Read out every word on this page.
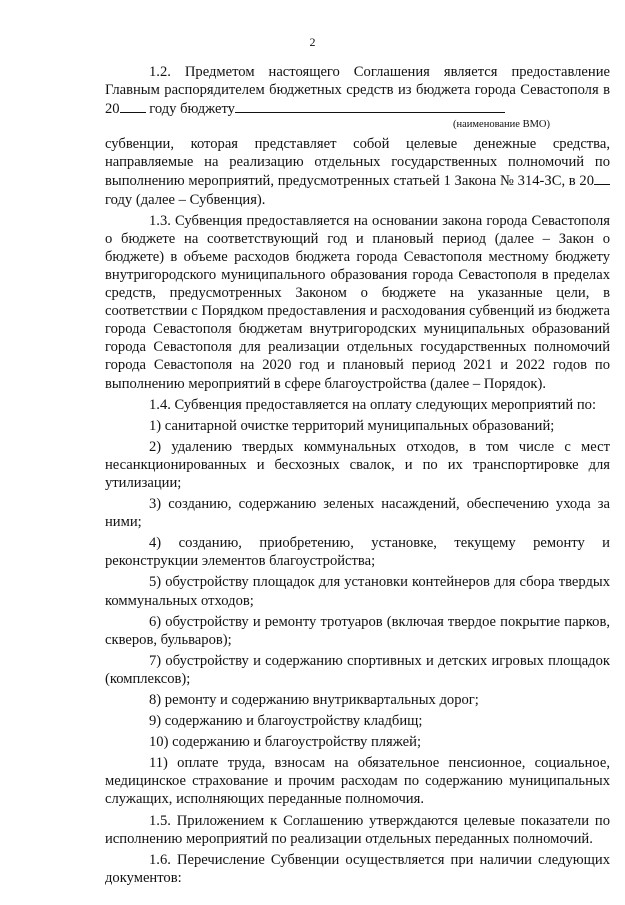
2

1.2. Предметом настоящего Соглашения является предоставление Главным распорядителем бюджетных средств из бюджета города Севастополя в 20 году бюджету

(наименование ВМО)

субвенции, которая представляет собой целевые денежные средства, направляемые на реализацию отдельных государственных полномочий по выполнению мероприятий, предусмотренных статьей 1 Закона № 314-ЗС, в 20году (далее – Субвенция).

1.3. Субвенция предоставляется на основании закона города Севастополя о бюджете на соответствующий год и плановый период (далее – Закон о бюджете) в объеме расходов бюджета города Севастополя местному бюджету внутригородского муниципального образования города Севастополя в пределах средств, предусмотренных Законом о бюджете на указанные цели, в соответствии с Порядком предоставления и расходования субвенций из бюджета города Севастополя бюджетам внутригородских муниципальных образований города Севастополя для реализации отдельных государственных полномочий города Севастополя на 2020 год и плановый период 2021 и 2022 годов по выполнению мероприятий в сфере благоустройства (далее – Порядок).

1.4. Субвенция предоставляется на оплату следующих мероприятий по:

1) санитарной очистке территорий муниципальных образований;

2) удалению твердых коммунальных отходов, в том числе с мест несанкционированных и бесхозных свалок, и по их транспортировке для утилизации;

3) созданию, содержанию зеленых насаждений, обеспечению ухода за ними;

4) созданию, приобретению, установке, текущему ремонту и реконструкции элементов благоустройства;

5) обустройству площадок для установки контейнеров для сбора твердых коммунальных отходов;

6) обустройству и ремонту тротуаров (включая твердое покрытие парков, скверов, бульваров);

7) обустройству и содержанию спортивных и детских игровых площадок (комплексов);

8) ремонту и содержанию внутриквартальных дорог;

9) содержанию и благоустройству кладбищ;

10) содержанию и благоустройству пляжей;

11) оплате труда, взносам на обязательное пенсионное, социальное, медицинское страхование и прочим расходам по содержанию муниципальных служащих, исполняющих переданные полномочия.

1.5. Приложением к Соглашению утверждаются целевые показатели по исполнению мероприятий по реализации отдельных переданных полномочий.

1.6. Перечисление Субвенции осуществляется при наличии следующих документов:
